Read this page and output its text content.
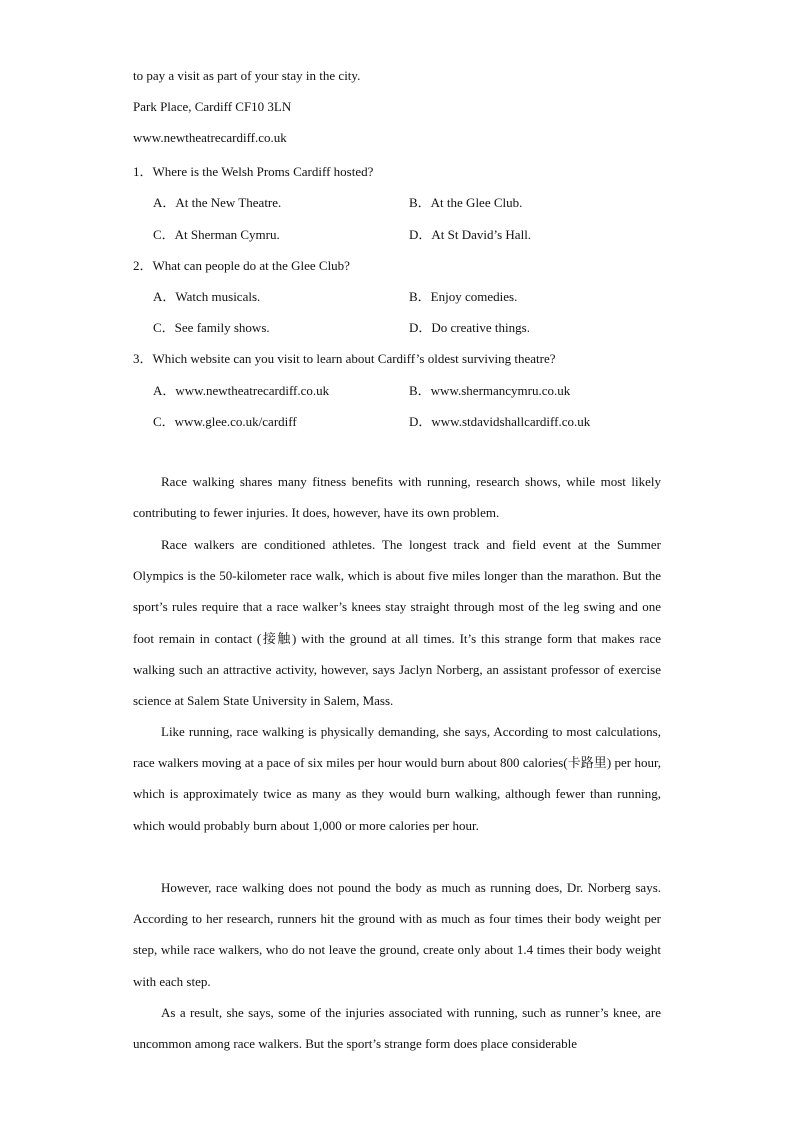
to pay a visit as part of your stay in the city.
Park Place, Cardiff CF10 3LN
www.newtheatrecardiff.co.uk
1．Where is the Welsh Proms Cardiff hosted?
A．At the New Theatre.	B．At the Glee Club.
C．At Sherman Cymru.	D．At St David’s Hall.
2．What can people do at the Glee Club?
A．Watch musicals.	B．Enjoy comedies.
C．See family shows.	D．Do creative things.
3．Which website can you visit to learn about Cardiff’s oldest surviving theatre?
A．www.newtheatrecardiff.co.uk	B．www.shermancymru.co.uk
C．www.glee.co.uk/cardiff	D．www.stdavidshallcardiff.co.uk

Race walking shares many fitness benefits with running, research shows, while most likely contributing to fewer injuries. It does, however, have its own problem.

Race walkers are conditioned athletes. The longest track and field event at the Summer Olympics is the 50-kilometer race walk, which is about five miles longer than the marathon. But the sport’s rules require that a race walker’s knees stay straight through most of the leg swing and one foot remain in contact (接触) with the ground at all times. It’s this strange form that makes race walking such an attractive activity, however, says Jaclyn Norberg, an assistant professor of exercise science at Salem State University in Salem, Mass.

Like running, race walking is physically demanding, she says, According to most calculations, race walkers moving at a pace of six miles per hour would burn about 800 calories(卡路里) per hour, which is approximately twice as many as they would burn walking, although fewer than running, which would probably burn about 1,000 or more calories per hour.

However, race walking does not pound the body as much as running does, Dr. Norberg says. According to her research, runners hit the ground with as much as four times their body weight per step, while race walkers, who do not leave the ground, create only about 1.4 times their body weight with each step.

As a result, she says, some of the injuries associated with running, such as runner’s knee, are uncommon among race walkers. But the sport’s strange form does place considerable
